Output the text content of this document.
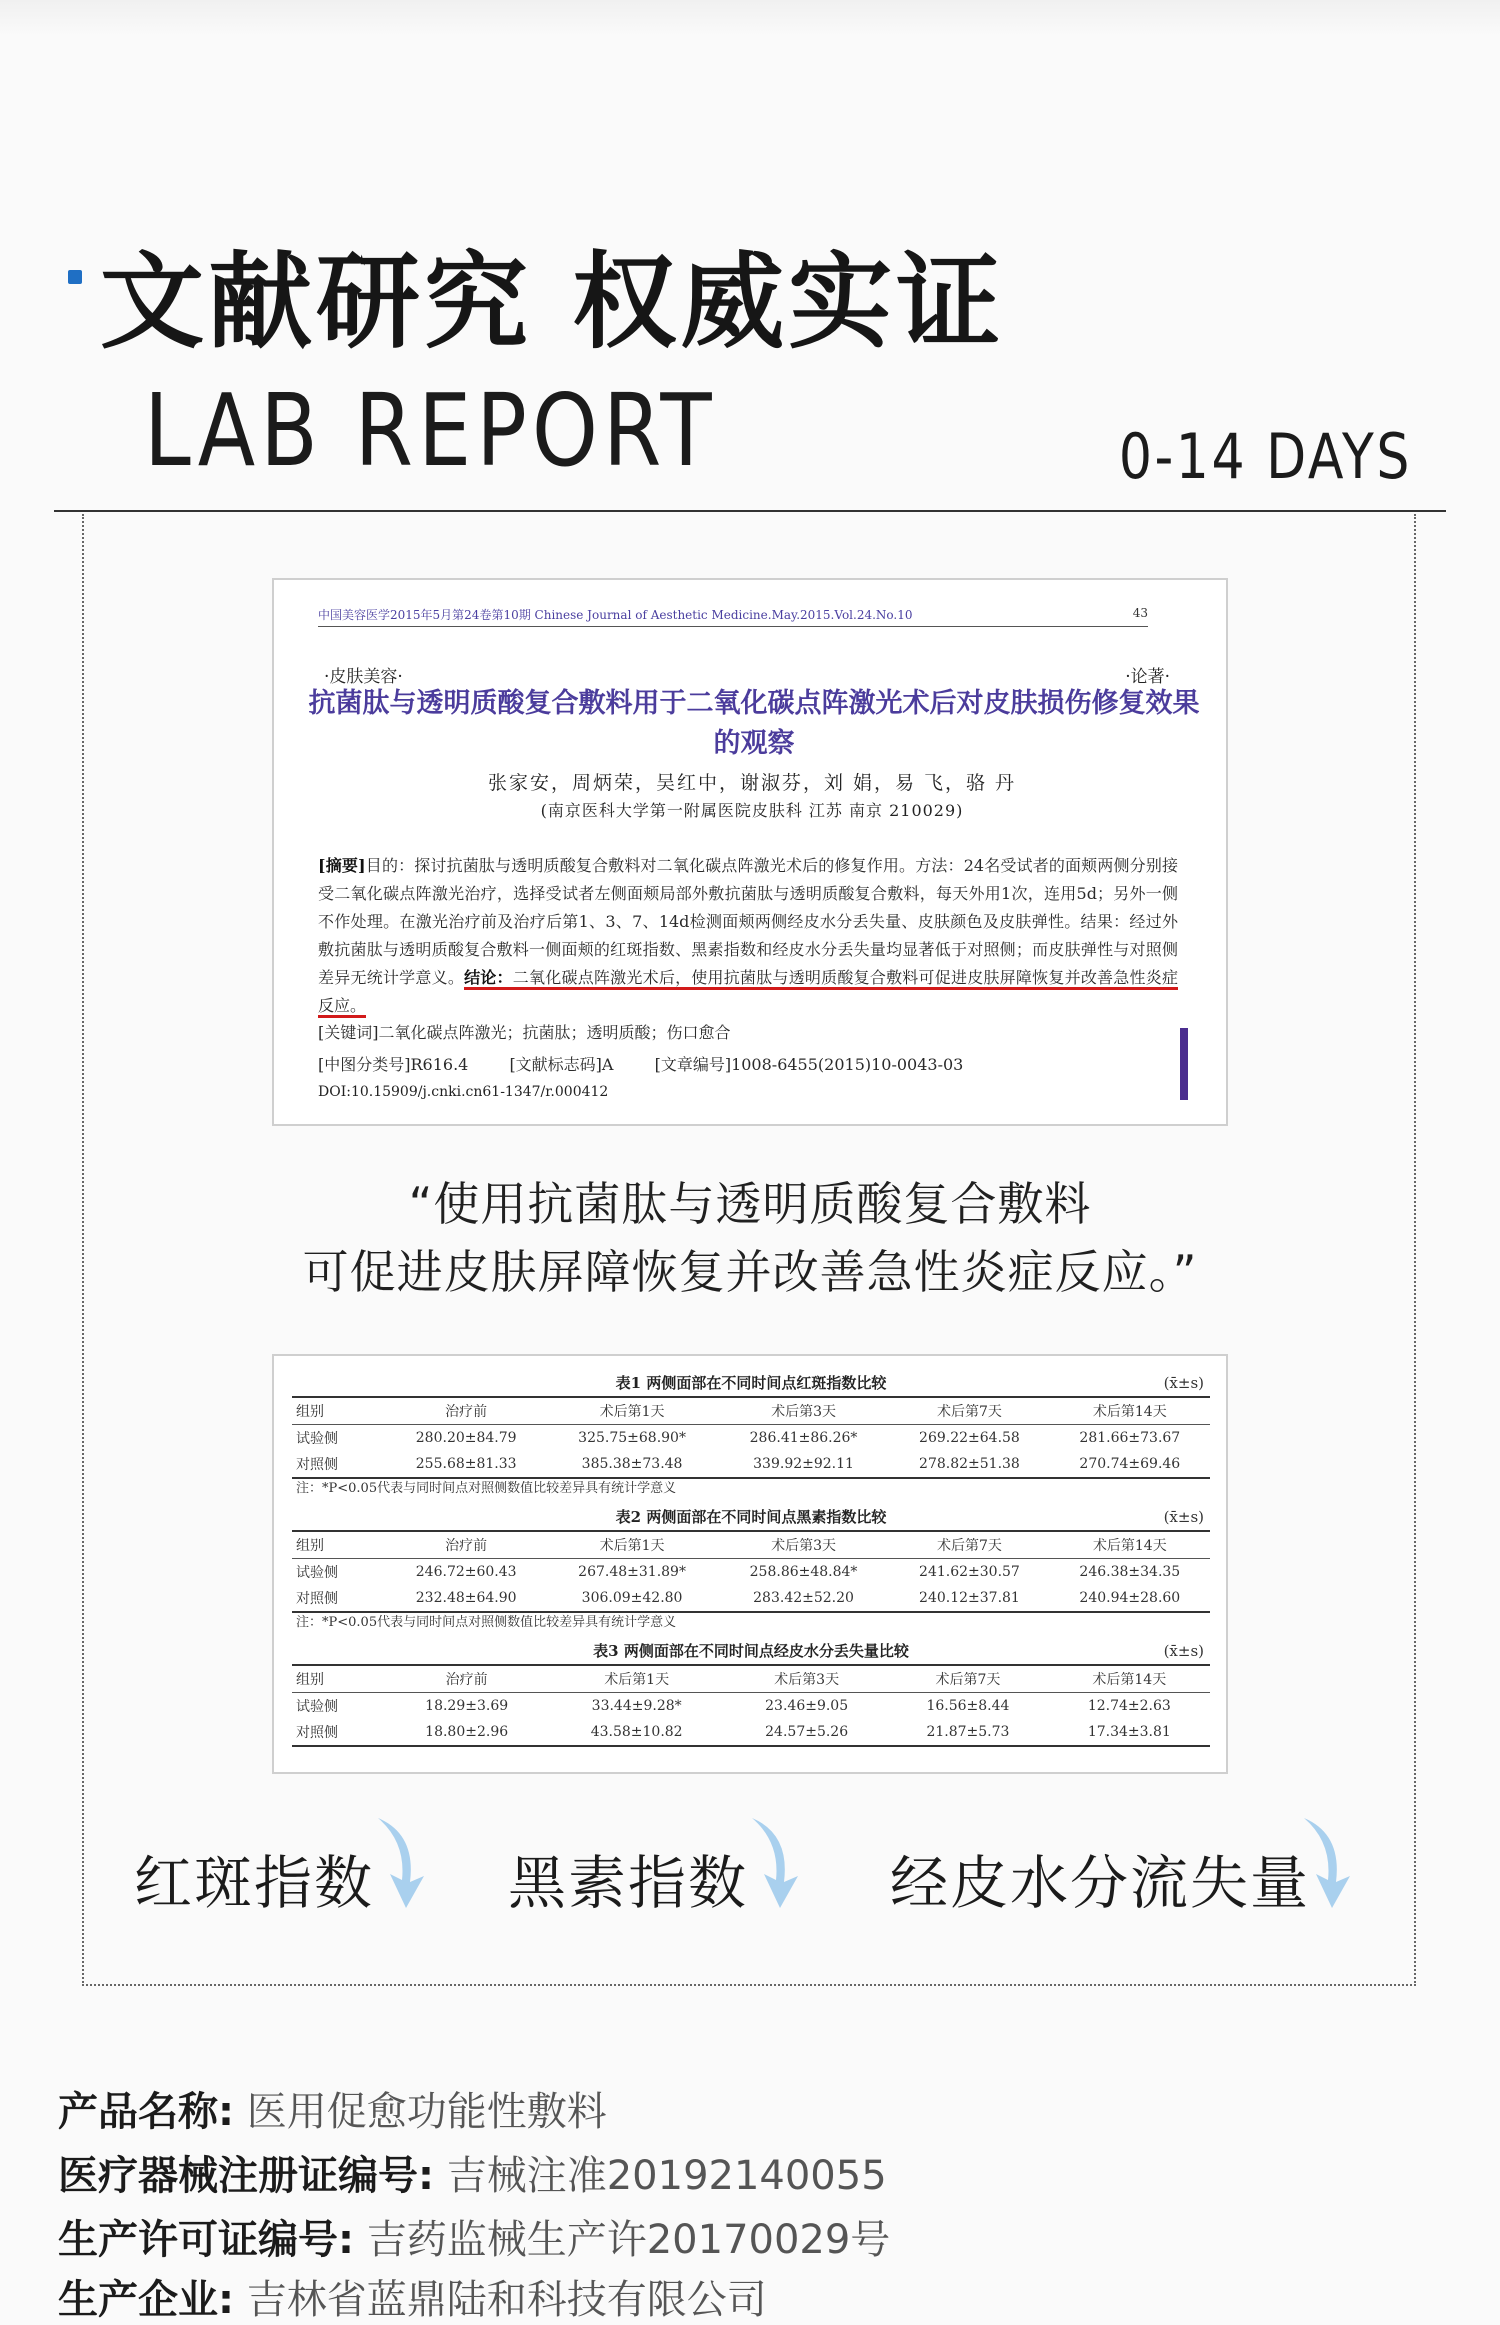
文献研究 权威实证
LAB REPORT	0-14 DAYS
中国美容医学2015年5月第24卷第10期 Chinese Journal of Aesthetic Medicine.May.2015.Vol.24.No.10	43
·皮肤美容·	·论著·
抗菌肽与透明质酸复合敷料用于二氧化碳点阵激光术后对皮肤损伤修复效果的观察
张家安，周炳荣，吴红中，谢淑芬，刘 娟，易 飞，骆 丹
(南京医科大学第一附属医院皮肤科 江苏 南京 210029)
[摘要]目的：探讨抗菌肽与透明质酸复合敷料对二氧化碳点阵激光术后的修复作用。方法：24名受试者的面颊两侧分别接受二氧化碳点阵激光治疗，选择受试者左侧面颊局部外敷抗菌肽与透明质酸复合敷料，每天外用1次，连用5d；另外一侧不作处理。在激光治疗前及治疗后第1、3、7、14d检测面颊两侧经皮水分丢失量、皮肤颜色及皮肤弹性。结果：经过外敷抗菌肽与透明质酸复合敷料一侧面颊的红斑指数、黑素指数和经皮水分丢失量均显著低于对照侧；而皮肤弹性与对照侧差异无统计学意义。结论：二氧化碳点阵激光术后，使用抗菌肽与透明质酸复合敷料可促进皮肤屏障恢复并改善急性炎症反应。
[关键词]二氧化碳点阵激光；抗菌肽；透明质酸；伤口愈合
[中图分类号]R616.4	[文献标志码]A	[文章编号]1008-6455(2015)10-0043-03
DOI:10.15909/j.cnki.cn61-1347/r.000412
“使用抗菌肽与透明质酸复合敷料
可促进皮肤屏障恢复并改善急性炎症反应。”
表1 两侧面部在不同时间点红斑指数比较	(x̄±s)
组别	治疗前	术后第1天	术后第3天	术后第7天	术后第14天
试验侧	280.20±84.79	325.75±68.90*	286.41±86.26*	269.22±64.58	281.66±73.67
对照侧	255.68±81.33	385.38±73.48	339.92±92.11	278.82±51.38	270.74±69.46
注：*P<0.05代表与同时间点对照侧数值比较差异具有统计学意义
表2 两侧面部在不同时间点黑素指数比较	(x̄±s)
组别	治疗前	术后第1天	术后第3天	术后第7天	术后第14天
试验侧	246.72±60.43	267.48±31.89*	258.86±48.84*	241.62±30.57	246.38±34.35
对照侧	232.48±64.90	306.09±42.80	283.42±52.20	240.12±37.81	240.94±28.60
注：*P<0.05代表与同时间点对照侧数值比较差异具有统计学意义
表3 两侧面部在不同时间点经皮水分丢失量比较	(x̄±s)
组别	治疗前	术后第1天	术后第3天	术后第7天	术后第14天
试验侧	18.29±3.69	33.44±9.28*	23.46±9.05	16.56±8.44	12.74±2.63
对照侧	18.80±2.96	43.58±10.82	24.57±5.26	21.87±5.73	17.34±3.81
红斑指数 黑素指数 经皮水分流失量
产品名称: 医用促愈功能性敷料
医疗器械注册证编号: 吉械注准20192140055
生产许可证编号: 吉药监械生产许20170029号
生产企业: 吉林省蓝鼎陆和科技有限公司
